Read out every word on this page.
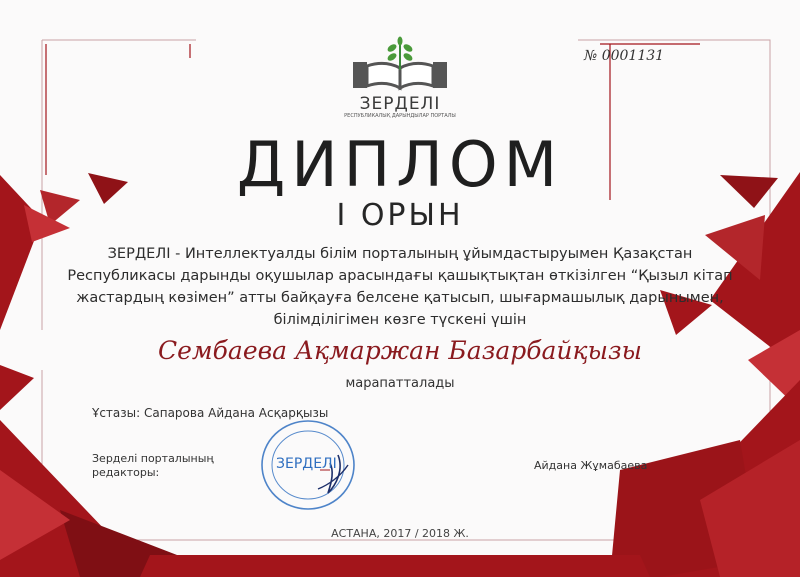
№ 0001131
ЗЕРДЕЛІ
РЕСПУБЛИКАЛЫҚ ДАРЫНДЫЛАР ПОРТАЛЫ
ДИПЛОМ
І ОРЫН
ЗЕРДЕЛІ - Интеллектуалды білім порталының ұйымдастыруымен Қазақстан
Республикасы дарынды оқушылар арасындағы қашықтықтан өткізілген “Қызыл кітап
жастардың көзімен” атты байқауға белсене қатысып, шығармашылық дарынымен,
білімділігімен көзге түскені үшін
Сембаева Ақмаржан Базарбайқызы
марапатталады
Ұстазы: Сапарова Айдана Асқарқызы
Зерделі порталының
редакторы:
ЗЕРДЕЛІ	Айдана Жұмабаева
АСТАНА, 2017 / 2018 Ж.
